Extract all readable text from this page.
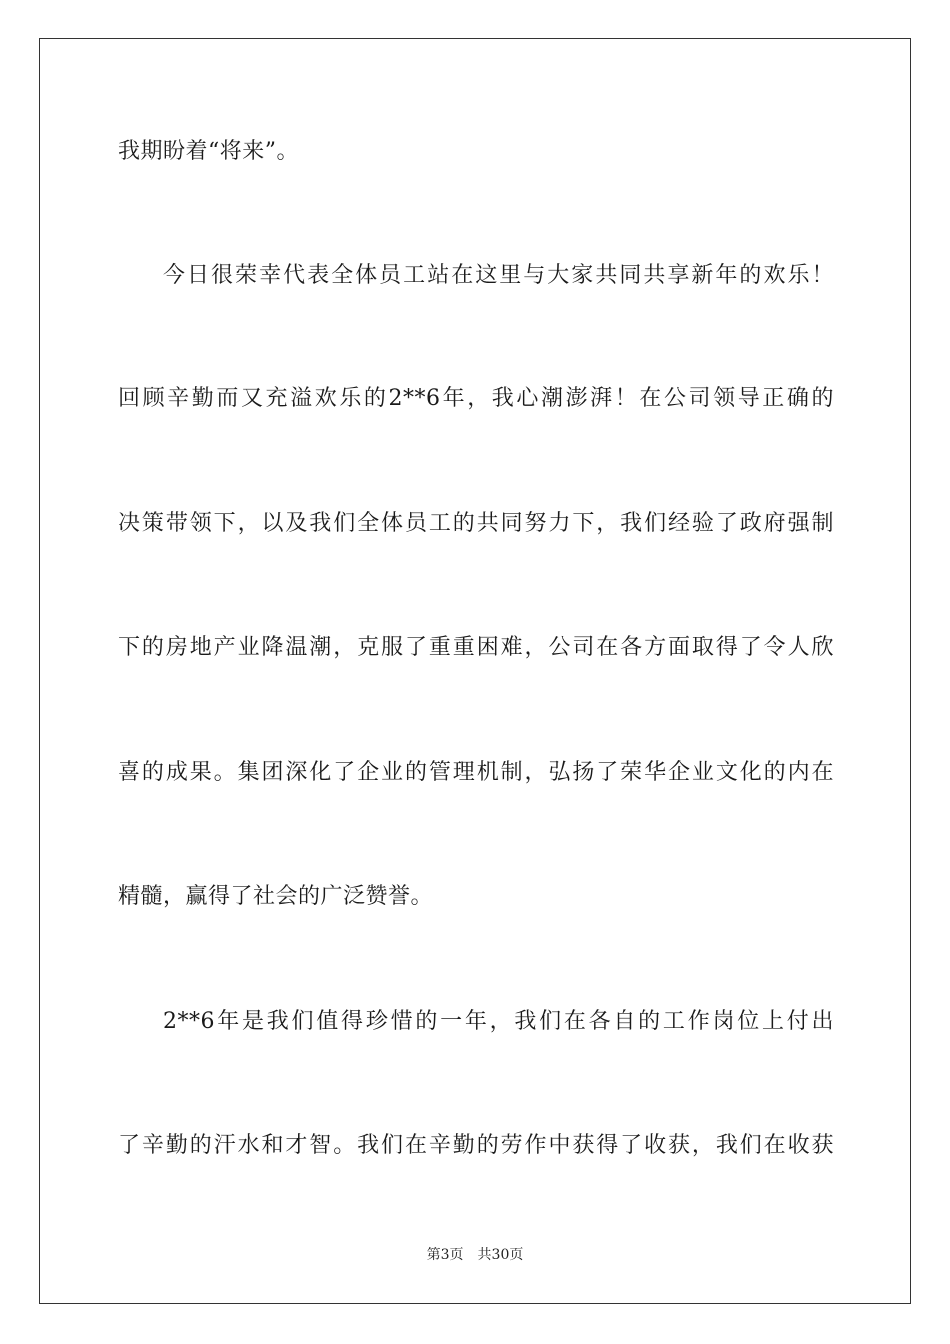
我期盼着“将来”。
今日很荣幸代表全体员工站在这里与大家共同共享新年的欢乐！
回顾辛勤而又充溢欢乐的2**6年，我心潮澎湃！在公司领导正确的
决策带领下，以及我们全体员工的共同努力下，我们经验了政府强制
下的房地产业降温潮，克服了重重困难，公司在各方面取得了令人欣
喜的成果。集团深化了企业的管理机制，弘扬了荣华企业文化的内在
精髓，赢得了社会的广泛赞誉。
2**6年是我们值得珍惜的一年，我们在各自的工作岗位上付出
了辛勤的汗水和才智。我们在辛勤的劳作中获得了收获，我们在收获
第3页 共30页
